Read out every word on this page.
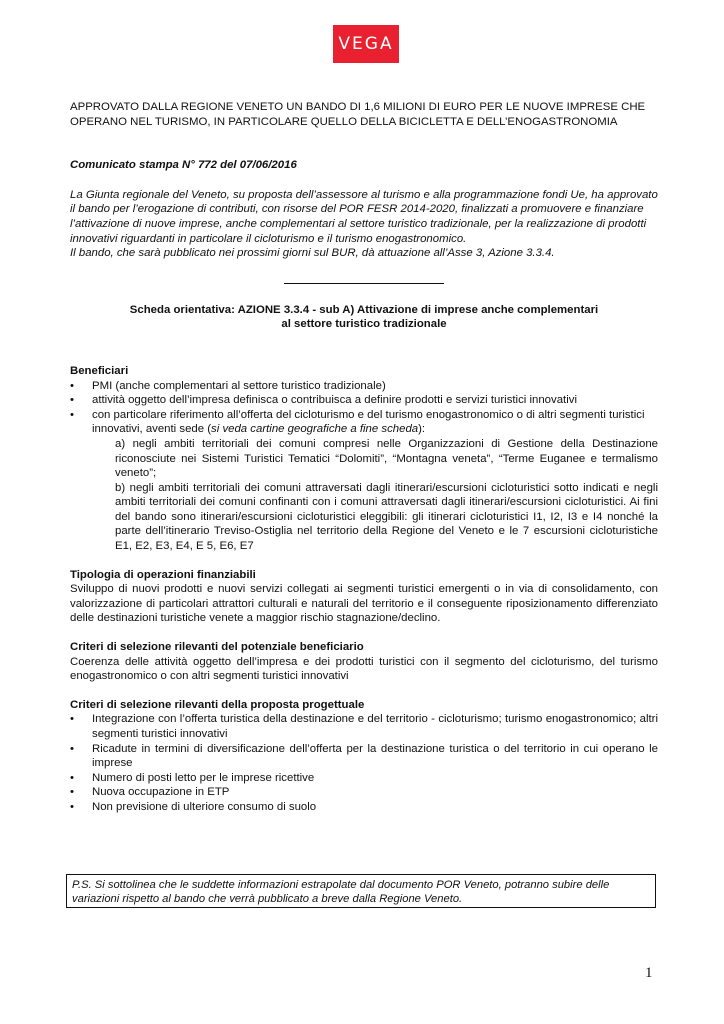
VEGA

APPROVATO DALLA REGIONE VENETO UN BANDO DI 1,6 MILIONI DI EURO PER LE NUOVE IMPRESE CHE OPERANO NEL TURISMO, IN PARTICOLARE QUELLO DELLA BICICLETTA E DELL’ENOGASTRONOMIA

Comunicato stampa N° 772 del 07/06/2016

La Giunta regionale del Veneto, su proposta dell’assessore al turismo e alla programmazione fondi Ue, ha approvato il bando per l’erogazione di contributi, con risorse del POR FESR 2014-2020, finalizzati a promuovere e finanziare l’attivazione di nuove imprese, anche complementari al settore turistico tradizionale, per la realizzazione di prodotti innovativi riguardanti in particolare il cicloturismo e il turismo enogastronomico.

Il bando, che sarà pubblicato nei prossimi giorni sul BUR, dà attuazione all’Asse 3, Azione 3.3.4.

Scheda orientativa: AZIONE 3.3.4 - sub A) Attivazione di imprese anche complementari
al settore turistico tradizionale

Beneficiari

• PMI (anche complementari al settore turistico tradizionale)
• attività oggetto dell’impresa definisca o contribuisca a definire prodotti e servizi turistici innovativi
• con particolare riferimento all’offerta del cicloturismo e del turismo enogastronomico o di altri segmenti turistici innovativi, aventi sede (si veda cartine geografiche a fine scheda):
a) negli ambiti territoriali dei comuni compresi nelle Organizzazioni di Gestione della Destinazione riconosciute nei Sistemi Turistici Tematici “Dolomiti”, “Montagna veneta”, “Terme Euganee e termalismo veneto”;
b) negli ambiti territoriali dei comuni attraversati dagli itinerari/escursioni cicloturistici sotto indicati e negli ambiti territoriali dei comuni confinanti con i comuni attraversati dagli itinerari/escursioni cicloturistici. Ai fini del bando sono itinerari/escursioni cicloturistici eleggibili: gli itinerari cicloturistici I1, I2, I3 e I4 nonché la parte dell’itinerario Treviso-Ostiglia nel territorio della Regione del Veneto e le 7 escursioni cicloturistiche E1, E2, E3, E4, E 5, E6, E7

Tipologia di operazioni finanziabili

Sviluppo di nuovi prodotti e nuovi servizi collegati ai segmenti turistici emergenti o in via di consolidamento, con valorizzazione di particolari attrattori culturali e naturali del territorio e il conseguente riposizionamento differenziato delle destinazioni turistiche venete a maggior rischio stagnazione/declino.

Criteri di selezione rilevanti del potenziale beneficiario

Coerenza delle attività oggetto dell’impresa e dei prodotti turistici con il segmento del cicloturismo, del turismo enogastronomico o con altri segmenti turistici innovativi

Criteri di selezione rilevanti della proposta progettuale

• Integrazione con l’offerta turistica della destinazione e del territorio - cicloturismo; turismo enogastronomico; altri segmenti turistici innovativi
• Ricadute in termini di diversificazione dell’offerta per la destinazione turistica o del territorio in cui operano le imprese
• Numero di posti letto per le imprese ricettive
• Nuova occupazione in ETP
• Non previsione di ulteriore consumo di suolo
P.S. Si sottolinea che le suddette informazioni estrapolate dal documento POR Veneto, potranno subire delle variazioni rispetto al bando che verrà pubblicato a breve dalla Regione Veneto.
1
